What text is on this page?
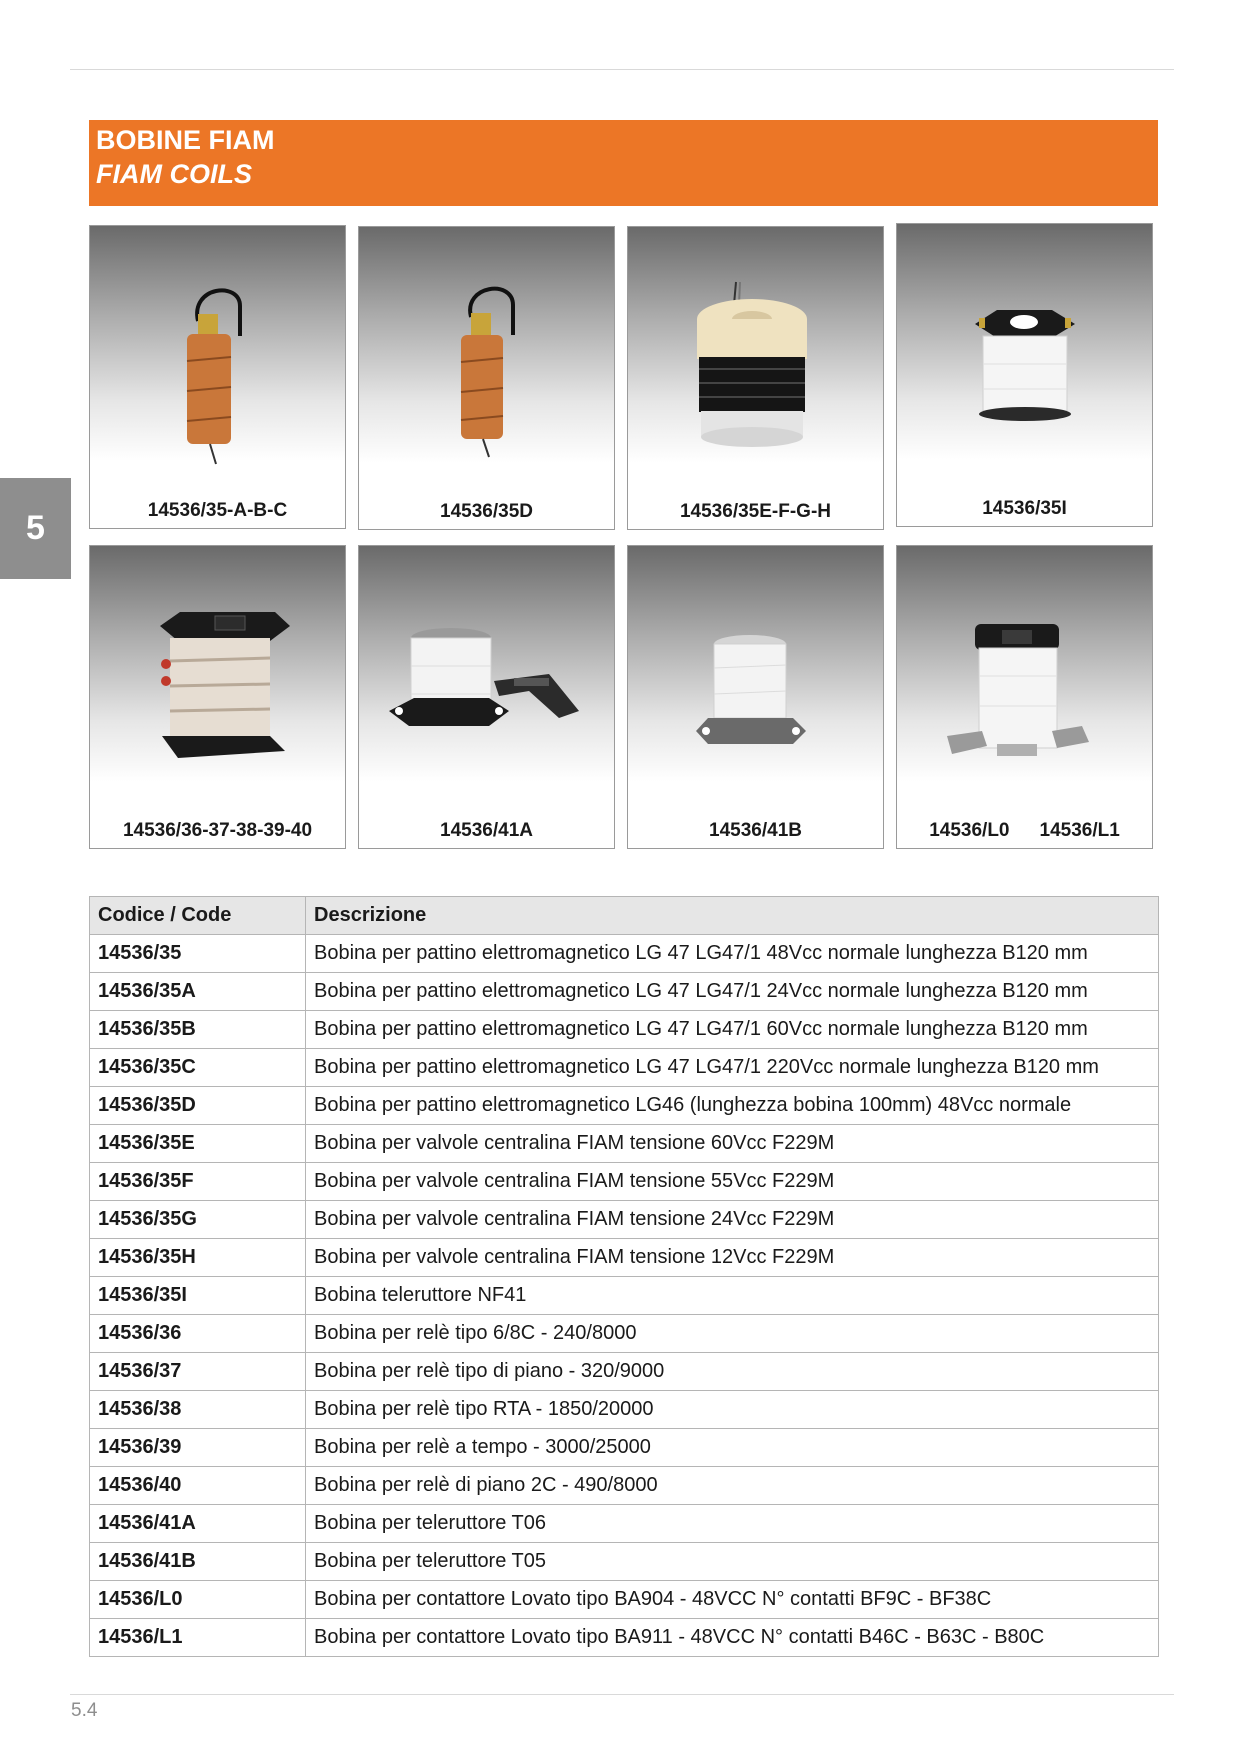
5
BOBINE FIAM
FIAM COILS
14536/35-A-B-C	14536/35D	14536/35E-F-G-H	14536/35I
14536/36-37-38-39-40	14536/41A	14536/41B	14536/L0 14536/L1
Codice / Code	Descrizione
14536/35	Bobina per pattino elettromagnetico LG 47 LG47/1 48Vcc normale lunghezza B120 mm
14536/35A	Bobina per pattino elettromagnetico LG 47 LG47/1 24Vcc normale lunghezza B120 mm
14536/35B	Bobina per pattino elettromagnetico LG 47 LG47/1 60Vcc normale lunghezza B120 mm
14536/35C	Bobina per pattino elettromagnetico LG 47 LG47/1 220Vcc normale lunghezza B120 mm
14536/35D	Bobina per pattino elettromagnetico LG46 (lunghezza bobina 100mm) 48Vcc normale
14536/35E	Bobina per valvole centralina FIAM tensione 60Vcc F229M
14536/35F	Bobina per valvole centralina FIAM tensione 55Vcc F229M
14536/35G	Bobina per valvole centralina FIAM tensione 24Vcc F229M
14536/35H	Bobina per valvole centralina FIAM tensione 12Vcc F229M
14536/35I	Bobina teleruttore NF41
14536/36	Bobina per relè tipo 6/8C - 240/8000
14536/37	Bobina per relè tipo di piano - 320/9000
14536/38	Bobina per relè tipo RTA - 1850/20000
14536/39	Bobina per relè a tempo - 3000/25000
14536/40	Bobina per relè di piano 2C - 490/8000
14536/41A	Bobina per teleruttore T06
14536/41B	Bobina per teleruttore T05
14536/L0	Bobina per contattore Lovato tipo BA904 - 48VCC N° contatti BF9C - BF38C
14536/L1	Bobina per contattore Lovato tipo BA911 - 48VCC N° contatti B46C - B63C - B80C
5.4
